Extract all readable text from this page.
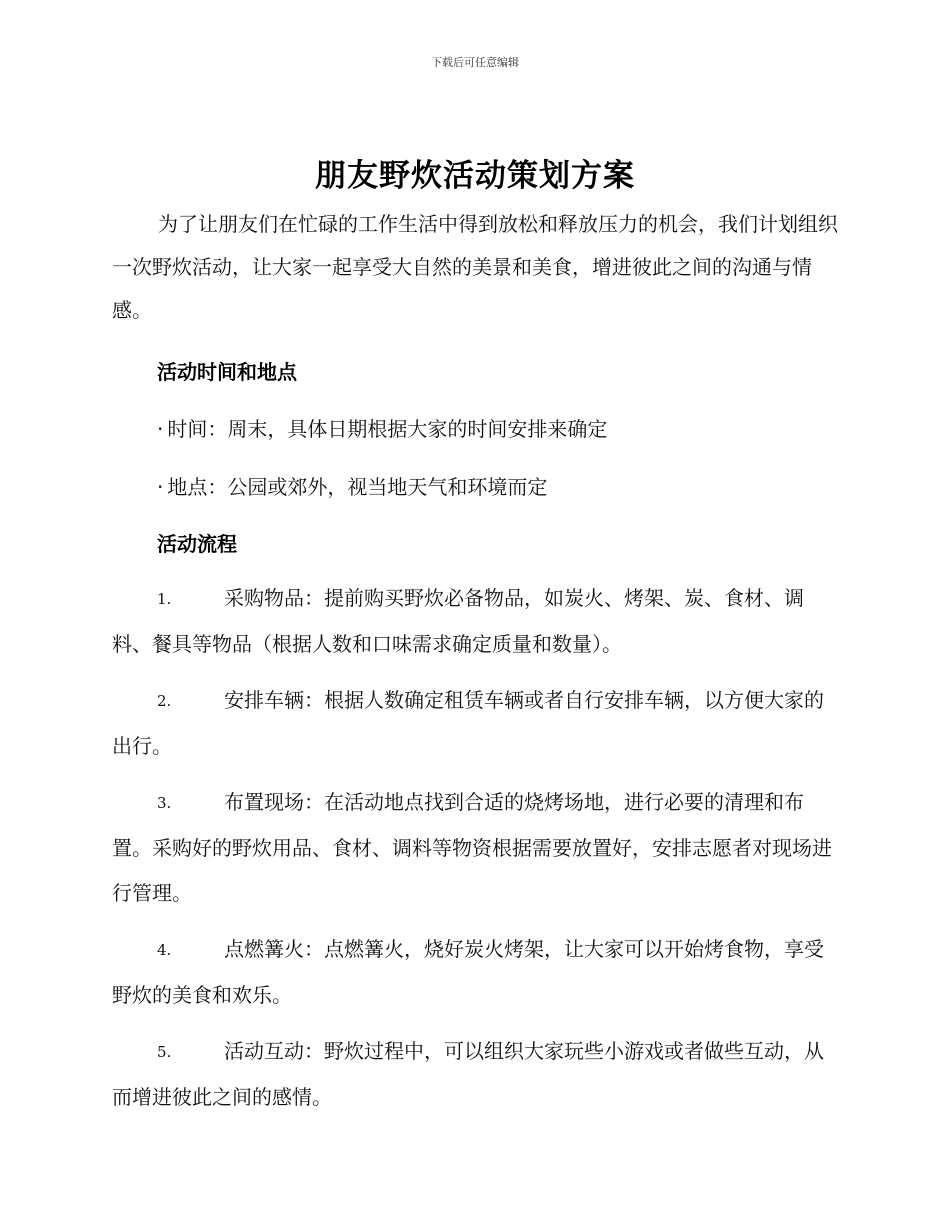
下载后可任意编辑
朋友野炊活动策划方案

为了让朋友们在忙碌的工作生活中得到放松和释放压力的机会，我们计划组织一次野炊活动，让大家一起享受大自然的美景和美食，增进彼此之间的沟通与情感。

活动时间和地点

· 时间：周末，具体日期根据大家的时间安排来确定

· 地点：公园或郊外，视当地天气和环境而定

活动流程

1.	采购物品：提前购买野炊必备物品，如炭火、烤架、炭、食材、调料、餐具等物品（根据人数和口味需求确定质量和数量）。

2.	安排车辆：根据人数确定租赁车辆或者自行安排车辆，以方便大家的出行。

3.	布置现场：在活动地点找到合适的烧烤场地，进行必要的清理和布置。采购好的野炊用品、食材、调料等物资根据需要放置好，安排志愿者对现场进行管理。

4.	点燃篝火：点燃篝火，烧好炭火烤架，让大家可以开始烤食物，享受野炊的美食和欢乐。

5.	活动互动：野炊过程中，可以组织大家玩些小游戏或者做些互动，从而增进彼此之间的感情。
